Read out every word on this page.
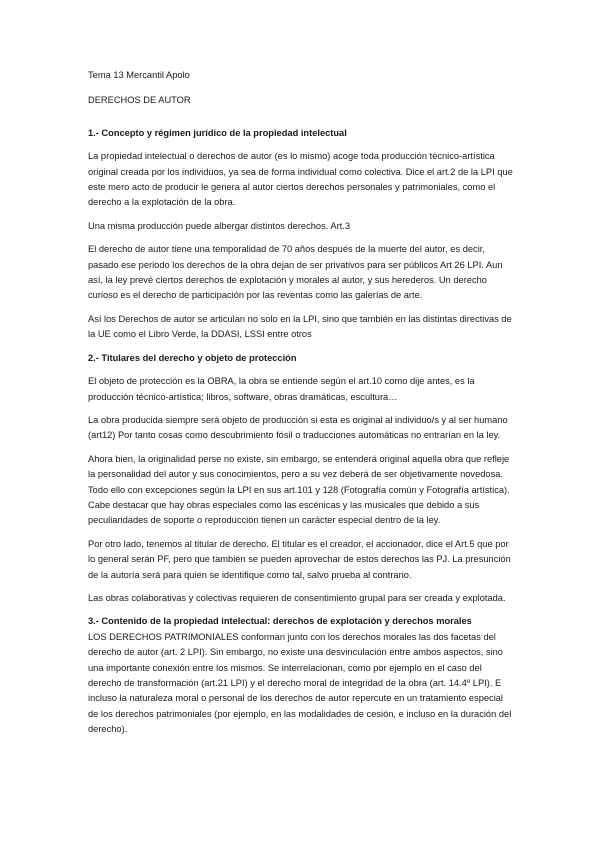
Tema 13 Mercantil Apolo

DERECHOS DE AUTOR

1.- Concepto y régimen jurídico de la propiedad intelectual

La propiedad intelectual o derechos de autor (es lo mismo) acoge toda producción técnico-artística original creada por los individuos, ya sea de forma individual como colectiva. Dice el art.2 de la LPI que este mero acto de producir le genera al autor ciertos derechos personales y patrimoniales, como el derecho a la explotación de la obra.

Una misma producción puede albergar distintos derechos. Art.3

El derecho de autor tiene una temporalidad de 70 años después de la muerte del autor, es decir, pasado ese periodo los derechos de la obra dejan de ser privativos para ser públicos Art 26 LPI. Aun así, la ley prevé ciertos derechos de explotación y morales al autor, y sus herederos. Un derecho curioso es el derecho de participación por las reventas como las galerías de arte.

Así los Derechos de autor se articulan no solo en la LPI, sino que también en las distintas directivas de la UE como el Libro Verde, la DDASI, LSSI entre otros

2.- Titulares del derecho y objeto de protección

El objeto de protección es la OBRA, la obra se entiende según el art.10 como dije antes, es la producción técnico-artística; libros, software, obras dramáticas, escultura…

La obra producida siempre será objeto de producción si esta es original al individuo/s y al ser humano (art12) Por tanto cosas como descubrimiento fósil o traducciones automáticas no entrarían en la ley.

Ahora bien, la originalidad perse no existe, sin embargo, se entenderá original aquella obra que refleje la personalidad del autor y sus conocimientos, pero a su vez deberá de ser objetivamente novedosa. Todo ello con excepciones según la LPI en sus art.101 y 128 (Fotografía común y Fotografía artística). Cabe destacar que hay obras especiales como las escénicas y las musicales que debido a sus peculiaridades de soporte o reproducción tienen un carácter especial dentro de la ley.

Por otro lado, tenemos al titular de derecho. El titular es el creador, el accionador, dice el Art.5 que por lo general serán PF, pero que también se pueden aprovechar de estos derechos las PJ. La presunción de la autoría será para quien se identifique como tal, salvo prueba al contrario.

Las obras colaborativas y colectivas requieren de consentimiento grupal para ser creada y explotada.

3.- Contenido de la propiedad intelectual: derechos de explotación y derechos morales

LOS DERECHOS PATRIMONIALES conforman junto con los derechos morales las dos facetas del derecho de autor (art. 2 LPI). Sin embargo, no existe una desvinculación entre ambos aspectos, sino una importante conexión entre los mismos. Se interrelacionan, como por ejemplo en el caso del derecho de transformación (art.21 LPI) y el derecho moral de integridad de la obra (art. 14.4º LPI). E incluso la naturaleza moral o personal de los derechos de autor repercute en un tratamiento especial de los derechos patrimoniales (por ejemplo, en las modalidades de cesión, e incluso en la duración del derecho).
